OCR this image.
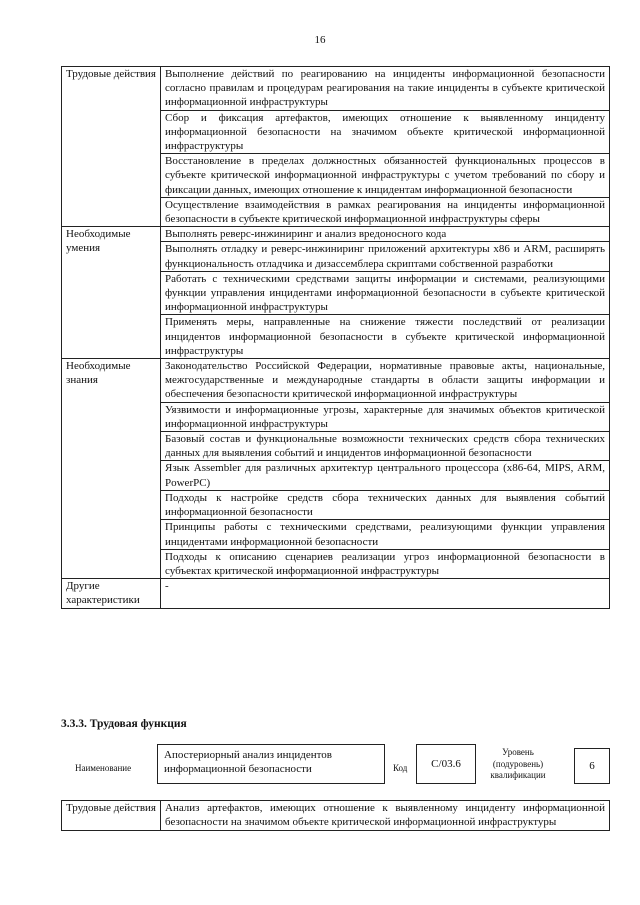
16
Трудовые действия	Выполнение действий по реагированию на инциденты информационной безопасности согласно правилам и процедурам реагирования на такие инциденты в субъекте критической информационной инфраструктуры
	Сбор и фиксация артефактов, имеющих отношение к выявленному инциденту информационной безопасности на значимом объекте критической информационной инфраструктуры
	Восстановление в пределах должностных обязанностей функциональных процессов в субъекте критической информационной инфраструктуры с учетом требований по сбору и фиксации данных, имеющих отношение к инцидентам информационной безопасности
	Осуществление взаимодействия в рамках реагирования на инциденты информационной безопасности в субъекте критической информационной инфраструктуры сферы
Необходимые умения	Выполнять реверс-инжиниринг и анализ вредоносного кода
	Выполнять отладку и реверс-инжиниринг приложений архитектуры x86 и ARM, расширять функциональность отладчика и дизассемблера скриптами собственной разработки
	Работать с техническими средствами защиты информации и системами, реализующими функции управления инцидентами информационной безопасности в субъекте критической информационной инфраструктуры
	Применять меры, направленные на снижение тяжести последствий от реализации инцидентов информационной безопасности в субъекте критической информационной инфраструктуры
Необходимые знания	Законодательство Российской Федерации, нормативные правовые акты, национальные, межгосударственные и международные стандарты в области защиты информации и обеспечения безопасности критической информационной инфраструктуры
	Уязвимости и информационные угрозы, характерные для значимых объектов критической информационной инфраструктуры
	Базовый состав и функциональные возможности технических средств сбора технических данных для выявления событий и инцидентов информационной безопасности
	Язык Assembler для различных архитектур центрального процессора (x86-64, MIPS, ARM, PowerPC)
	Подходы к настройке средств сбора технических данных для выявления событий информационной безопасности
	Принципы работы с техническими средствами, реализующими функции управления инцидентами информационной безопасности
	Подходы к описанию сценариев реализации угроз информационной безопасности в субъектах критической информационной инфраструктуры
Другие характеристики	-
3.3.3. Трудовая функция
Наименование
Апостериорный анализ инцидентов информационной безопасности	Код	C/03.6
Уровень (подуровень) квалификации
6
Трудовые действия	Анализ артефактов, имеющих отношение к выявленному инциденту информационной безопасности на значимом объекте критической информационной инфраструктуры
